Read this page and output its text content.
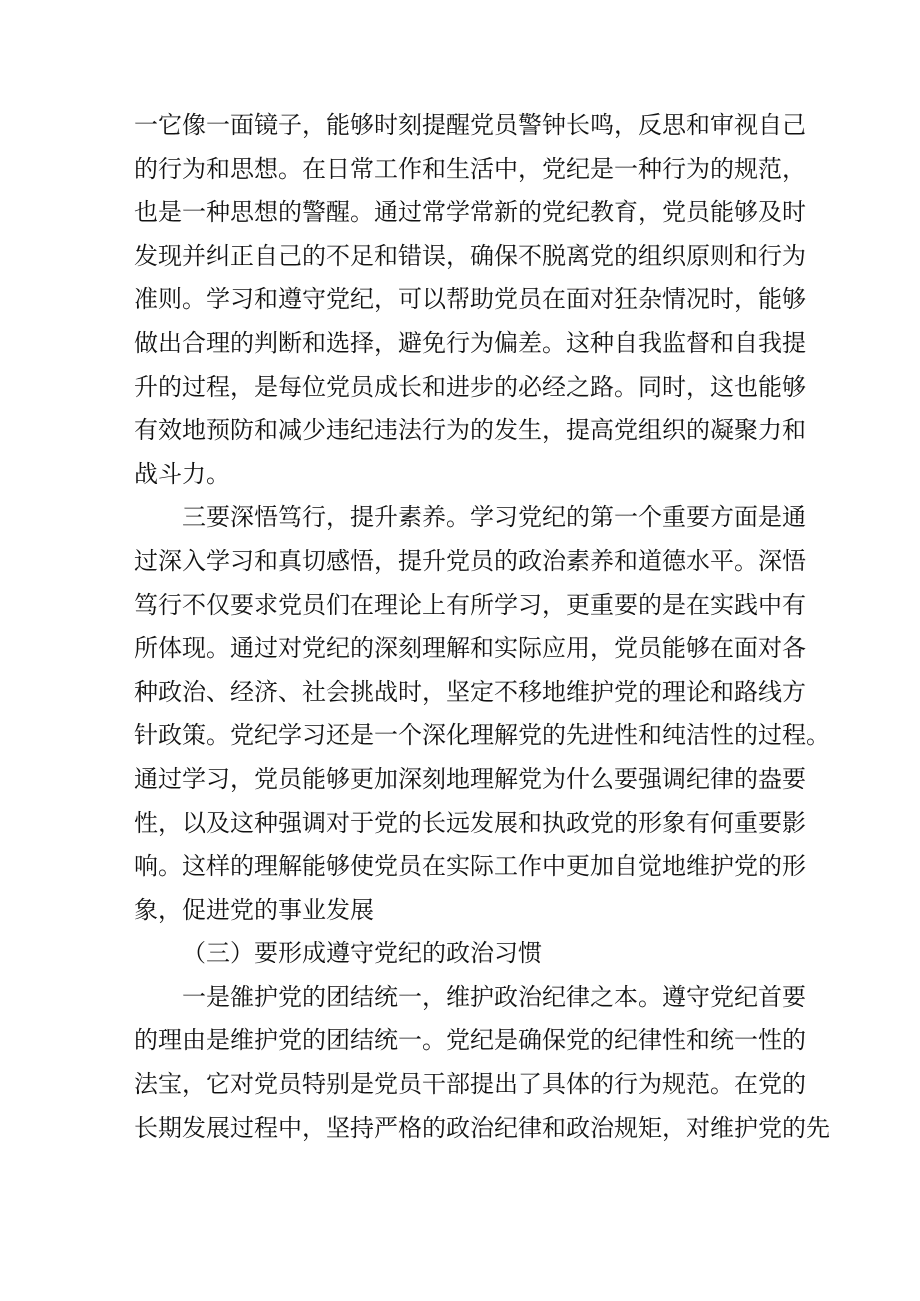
一它像一面镜子，能够时刻提醒党员警钟长鸣，反思和审视自己
的行为和思想。在日常工作和生活中，党纪是一种行为的规范，
也是一种思想的警醒。通过常学常新的党纪教育，党员能够及时
发现并纠正自己的不足和错误，确保不脱离党的组织原则和行为
准则。学习和遵守党纪，可以帮助党员在面对狂杂情况时，能够
做出合理的判断和选择，避免行为偏差。这种自我监督和自我提
升的过程，是每位党员成长和进步的必经之路。同时，这也能够
有效地预防和减少违纪违法行为的发生，提高党组织的凝聚力和
战斗力。
三要深悟笃行，提升素养。学习党纪的第一个重要方面是通
过深入学习和真切感悟，提升党员的政治素养和道德水平。深悟
笃行不仅要求党员们在理论上有所学习，更重要的是在实践中有
所体现。通过对党纪的深刻理解和实际应用，党员能够在面对各
种政治、经济、社会挑战时，坚定不移地维护党的理论和路线方
针政策。党纪学习还是一个深化理解党的先进性和纯洁性的过程。
通过学习，党员能够更加深刻地理解党为什么要强调纪律的盎要
性，以及这种强调对于党的长远发展和执政党的形象有何重要影
响。这样的理解能够使党员在实际工作中更加自觉地维护党的形
象，促进党的事业发展
（三）要形成遵守党纪的政治习惯
一是雒护党的团结统一，维护政治纪律之本。遵守党纪首要
的理由是维护党的团结统一。党纪是确保党的纪律性和统一性的
法宝，它对党员特别是党员干部提出了具体的行为规范。在党的
长期发展过程中，坚持严格的政治纪律和政治规矩，对维护党的先
